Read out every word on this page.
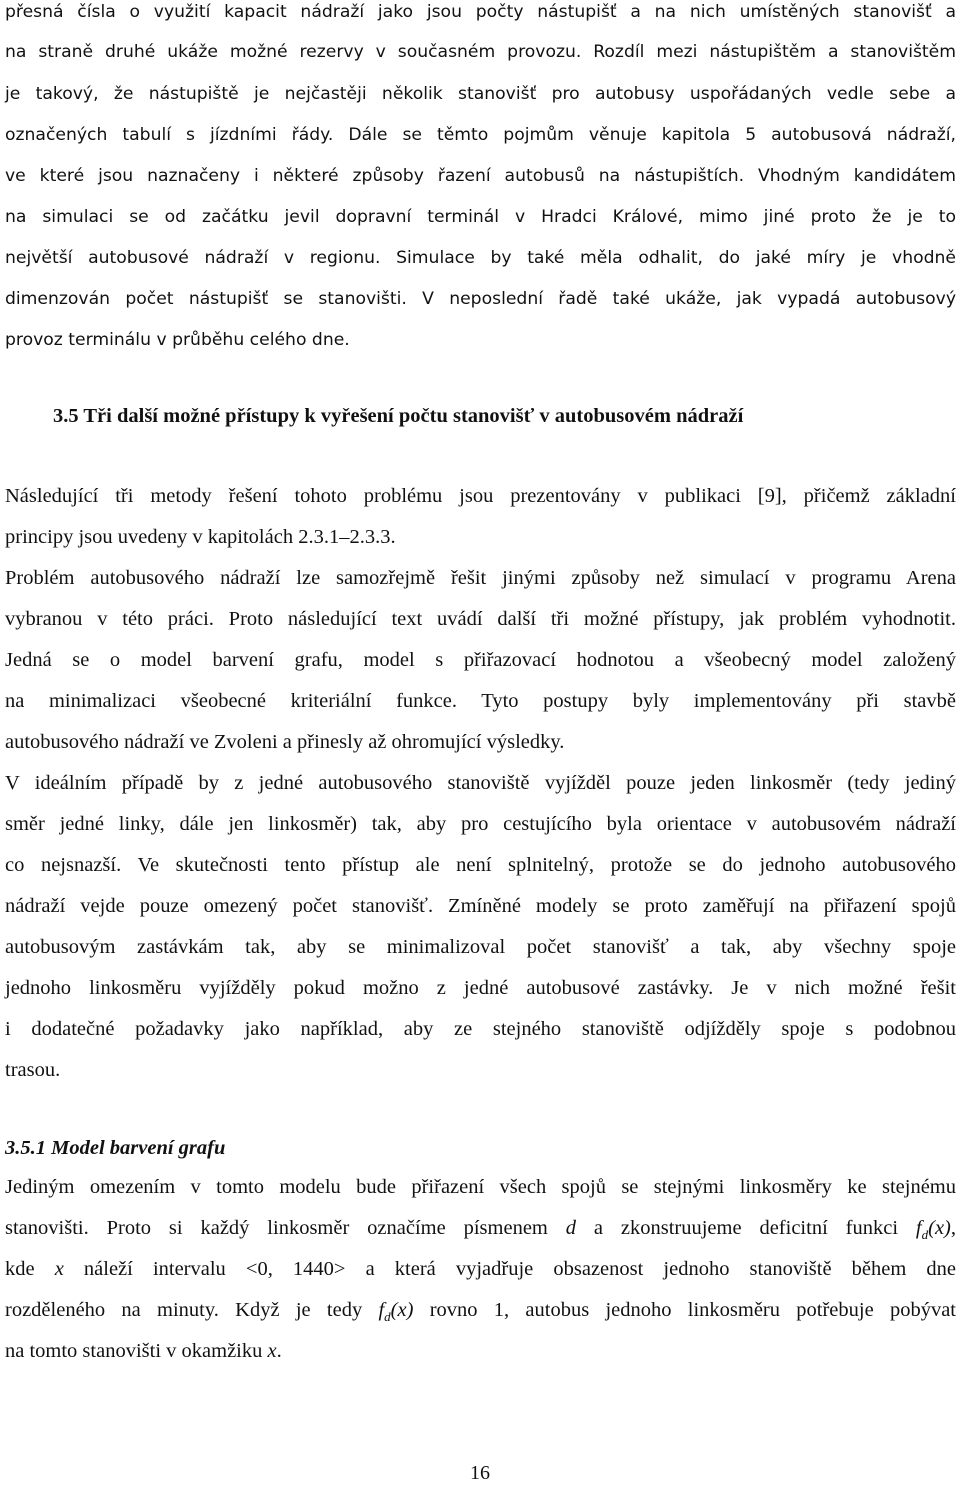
přesná čísla o využití kapacit nádraží jako jsou počty nástupišť a na nich umístěných stanovišť a
na straně druhé ukáže možné rezervy v současném provozu. Rozdíl mezi nástupištěm a stanovištěm
je takový, že nástupiště je nejčastěji několik stanovišť pro autobusy uspořádaných vedle sebe a
označených tabulí s jízdními řády. Dále se těmto pojmům věnuje kapitola 5 autobusová nádraží,
ve které jsou naznačeny i některé způsoby řazení autobusů na nástupištích. Vhodným kandidátem
na simulaci se od začátku jevil dopravní terminál v Hradci Králové, mimo jiné proto že je to
největší autobusové nádraží v regionu. Simulace by také měla odhalit, do jaké míry je vhodně
dimenzován počet nástupišť se stanovišti. V neposlední řadě také ukáže, jak vypadá autobusový
provoz terminálu v průběhu celého dne.
3.5 Tři další možné přístupy k vyřešení počtu stanovišť v autobusovém nádraží
Následující tři metody řešení tohoto problému jsou prezentovány v publikaci [9], přičemž základní
principy jsou uvedeny v kapitolách 2.3.1–2.3.3.
Problém autobusového nádraží lze samozřejmě řešit jinými způsoby než simulací v programu Arena
vybranou v této práci. Proto následující text uvádí další tři možné přístupy, jak problém vyhodnotit.
Jedná se o model barvení grafu, model s přiřazovací hodnotou a všeobecný model založený
na minimalizaci všeobecné kriteriální funkce. Tyto postupy byly implementovány při stavbě
autobusového nádraží ve Zvoleni a přinesly až ohromující výsledky.
V ideálním případě by z jedné autobusového stanoviště vyjížděl pouze jeden linkosměr (tedy jediný
směr jedné linky, dále jen linkosměr) tak, aby pro cestujícího byla orientace v autobusovém nádraží
co nejsnazší. Ve skutečnosti tento přístup ale není splnitelný, protože se do jednoho autobusového
nádraží vejde pouze omezený počet stanovišť. Zmíněné modely se proto zaměřují na přiřazení spojů
autobusovým zastávkám tak, aby se minimalizoval počet stanovišť a tak, aby všechny spoje
jednoho linkosměru vyjížděly pokud možno z jedné autobusové zastávky. Je v nich možné řešit
i dodatečné požadavky jako například, aby ze stejného stanoviště odjížděly spoje s podobnou
trasou.
3.5.1 Model barvení grafu
Jediným omezením v tomto modelu bude přiřazení všech spojů se stejnými linkosměry ke stejnému
stanovišti. Proto si každý linkosměr označíme písmenem d a zkonstruujeme deficitní funkci $f_d(x)$,
kde x náleží intervalu <0, 1440> a která vyjadřuje obsazenost jednoho stanoviště během dne
rozděleného na minuty. Když je tedy $f_d(x)$ rovno 1, autobus jednoho linkosměru potřebuje pobývat
na tomto stanovišti v okamžiku x.
16
